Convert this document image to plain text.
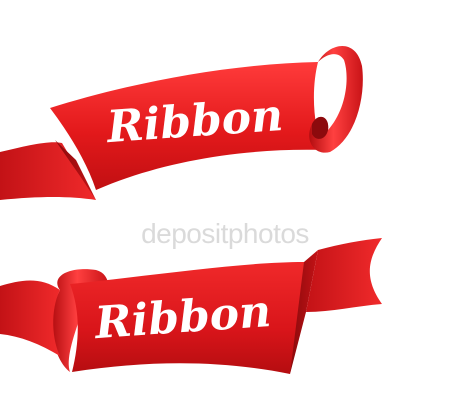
Ribbon
Ribbon
depositphotos
